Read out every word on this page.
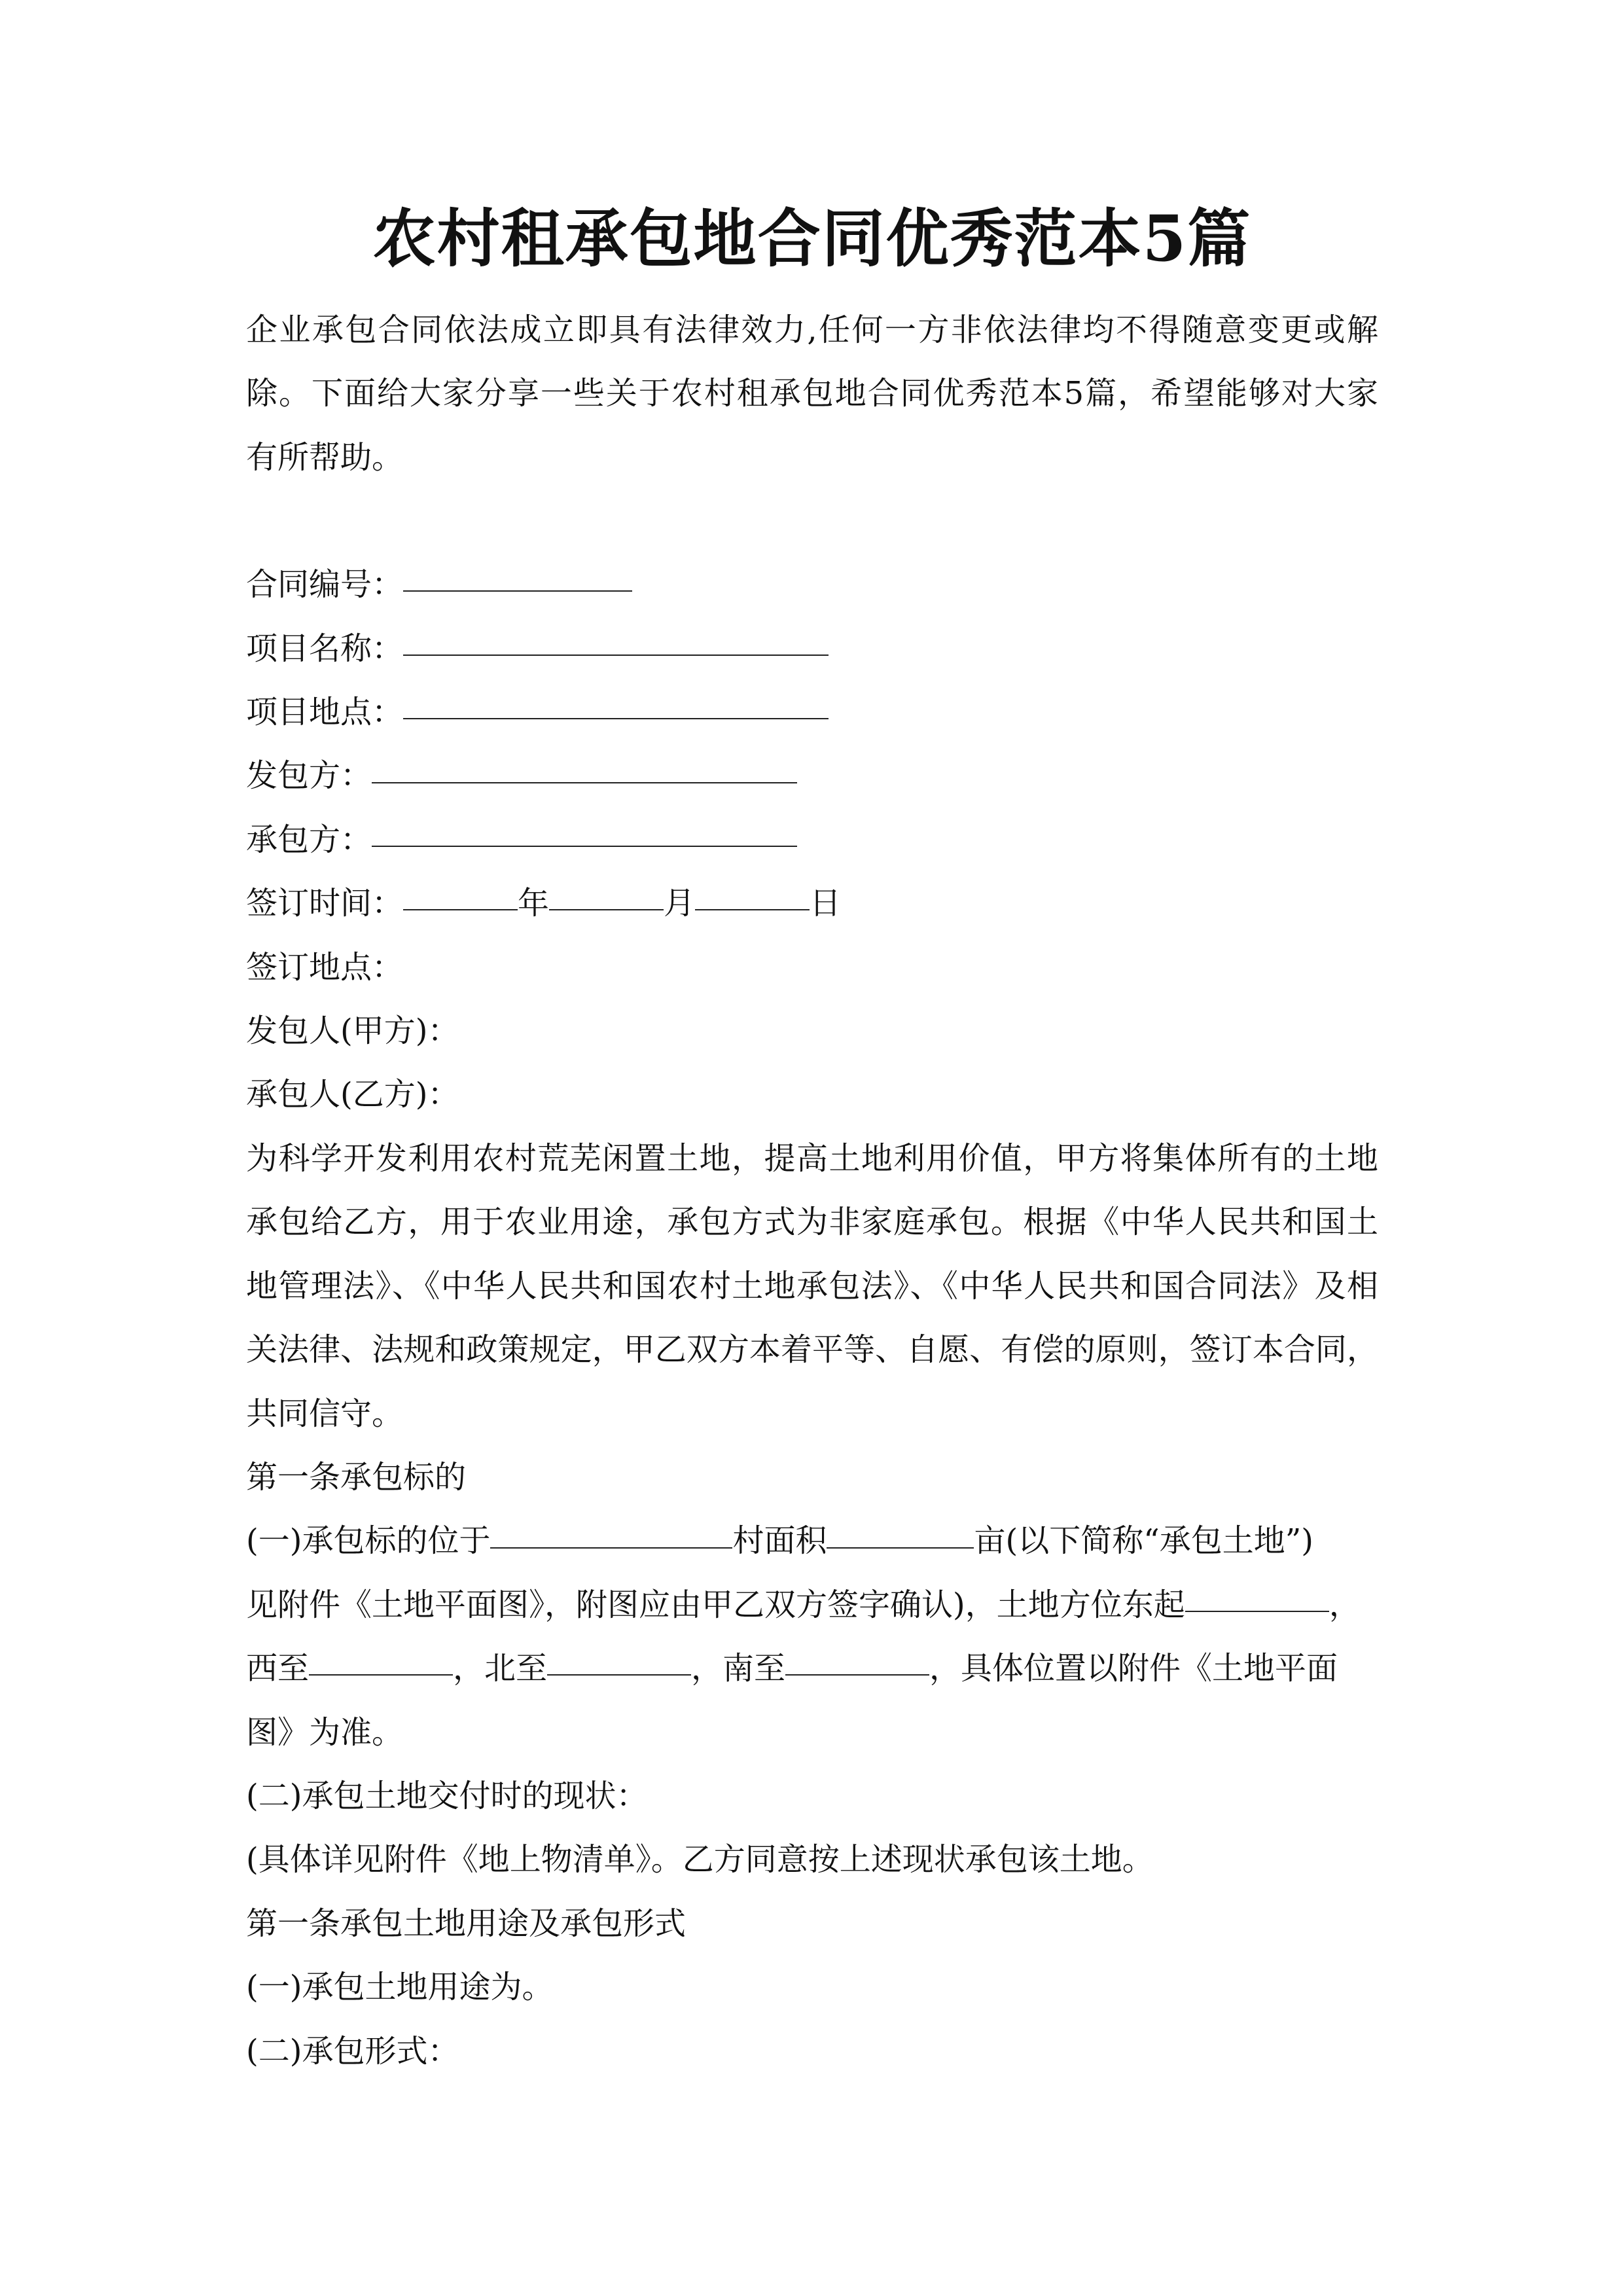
农村租承包地合同优秀范本5篇

企业承包合同依法成立即具有法律效力,任何一方非依法律均不得随意变更或解

除。下面给大家分享一些关于农村租承包地合同优秀范本5篇，希望能够对大家

有所帮助。

合同编号：

项目名称：

项目地点：

发包方：

承包方：

签订时间：	年	月	日

签订地点：

发包人(甲方)：

承包人(乙方)：

为科学开发利用农村荒芜闲置土地，提高土地利用价值，甲方将集体所有的土地

承包给乙方，用于农业用途，承包方式为非家庭承包。根据《中华人民共和国土

地管理法》、《中华人民共和国农村土地承包法》、《中华人民共和国合同法》及相

关法律、法规和政策规定，甲乙双方本着平等、自愿、有偿的原则，签订本合同，

共同信守。

第一条承包标的

(一)承包标的位于	村面积	亩(以下简称“承包土地”)

见附件《土地平面图》，附图应由甲乙双方签字确认)，土地方位东起	，

西至	，北至	，南至	，具体位置以附件《土地平面

图》为准。

(二)承包土地交付时的现状：

(具体详见附件《地上物清单》。乙方同意按上述现状承包该土地。

第一条承包土地用途及承包形式

(一)承包土地用途为。

(二)承包形式：
